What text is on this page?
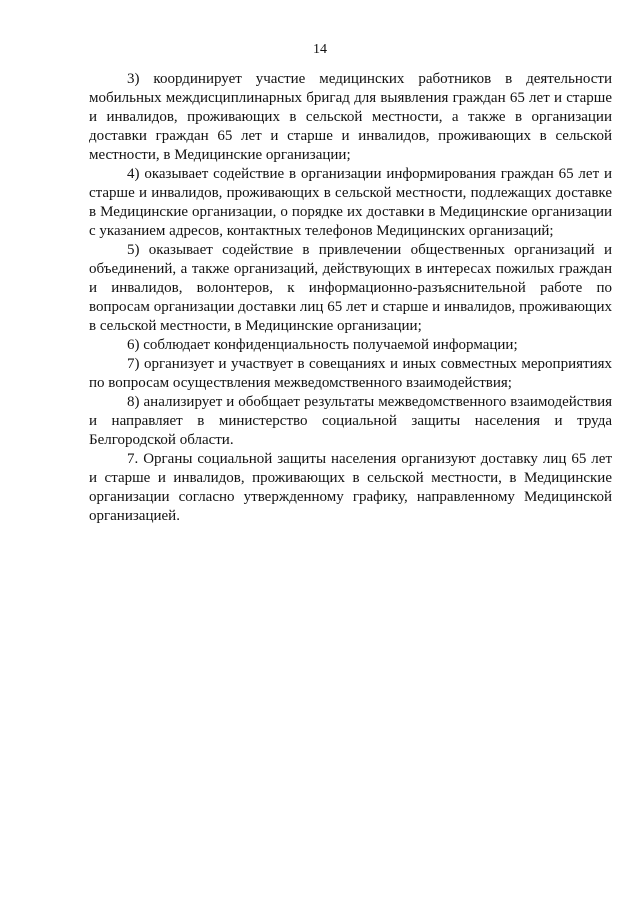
14

3) координирует участие медицинских работников в деятельности мобильных междисциплинарных бригад для выявления граждан 65 лет и старше и инвалидов, проживающих в сельской местности, а также в организации доставки граждан 65 лет и старше и инвалидов, проживающих в сельской местности, в Медицинские организации;

4) оказывает содействие в организации информирования граждан 65 лет и старше и инвалидов, проживающих в сельской местности, подлежащих доставке в Медицинские организации, о порядке их доставки в Медицинские организации с указанием адресов, контактных телефонов Медицинских организаций;

5) оказывает содействие в привлечении общественных организаций и объединений, а также организаций, действующих в интересах пожилых граждан и инвалидов, волонтеров, к информационно-разъяснительной работе по вопросам организации доставки лиц 65 лет и старше и инвалидов, проживающих в сельской местности, в Медицинские организации;

6) соблюдает конфиденциальность получаемой информации;

7) организует и участвует в совещаниях и иных совместных мероприятиях по вопросам осуществления межведомственного взаимодействия;

8) анализирует и обобщает результаты межведомственного взаимодействия и направляет в министерство социальной защиты населения и труда Белгородской области.

7. Органы социальной защиты населения организуют доставку лиц 65 лет и старше и инвалидов, проживающих в сельской местности, в Медицинские организации согласно утвержденному графику, направленному Медицинской организацией.
